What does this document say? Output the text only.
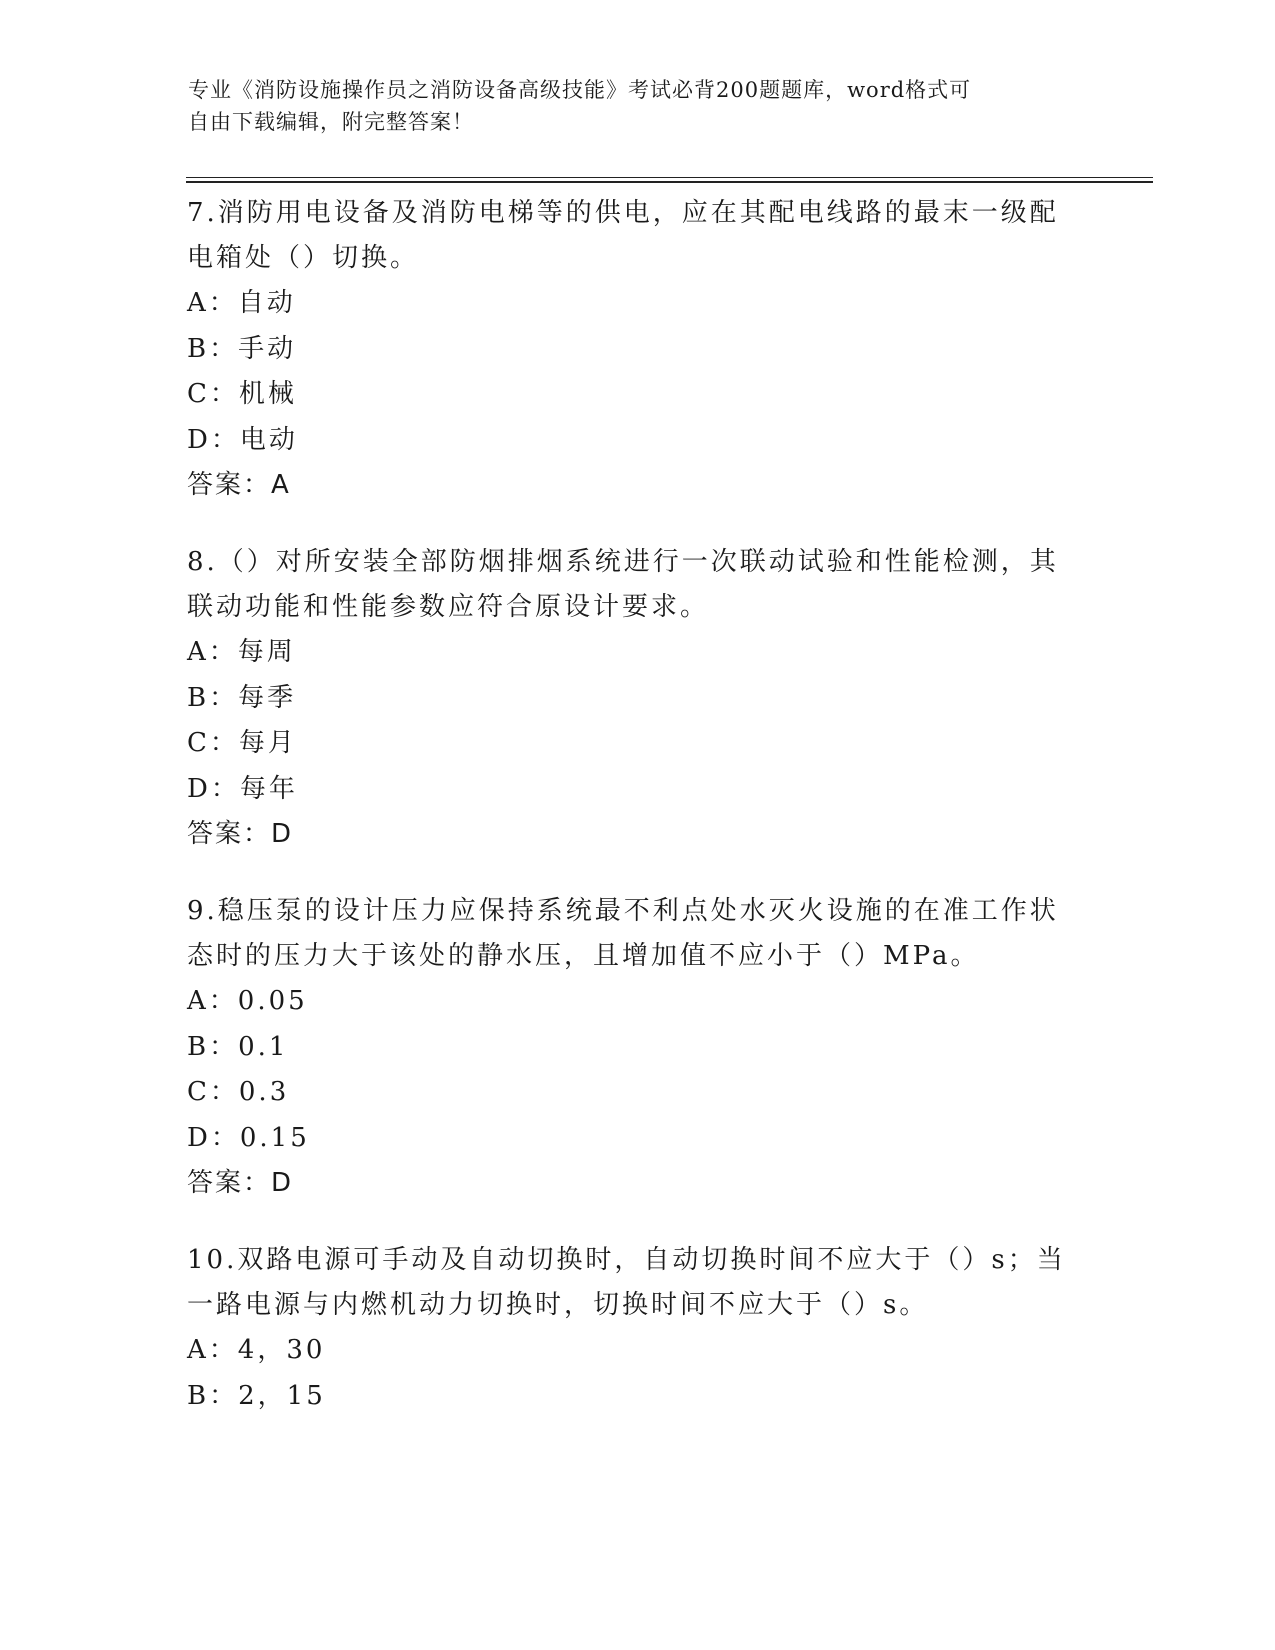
专业《消防设施操作员之消防设备高级技能》考试必背200题题库，word格式可
自由下载编辑，附完整答案！

7.消防用电设备及消防电梯等的供电，应在其配电线路的最末一级配电箱处（）切换。

A：自动

B：手动

C：机械

D：电动

答案：A

8.（）对所安装全部防烟排烟系统进行一次联动试验和性能检测，其联动功能和性能参数应符合原设计要求。

A：每周

B：每季

C：每月

D：每年

答案：D

9.稳压泵的设计压力应保持系统最不利点处水灭火设施的在准工作状态时的压力大于该处的静水压，且增加值不应小于（）MPa。

A：0.05

B：0.1

C：0.3

D：0.15

答案：D

10.双路电源可手动及自动切换时，自动切换时间不应大于（）s；当一路电源与内燃机动力切换时，切换时间不应大于（）s。

A：4，30

B：2，15
